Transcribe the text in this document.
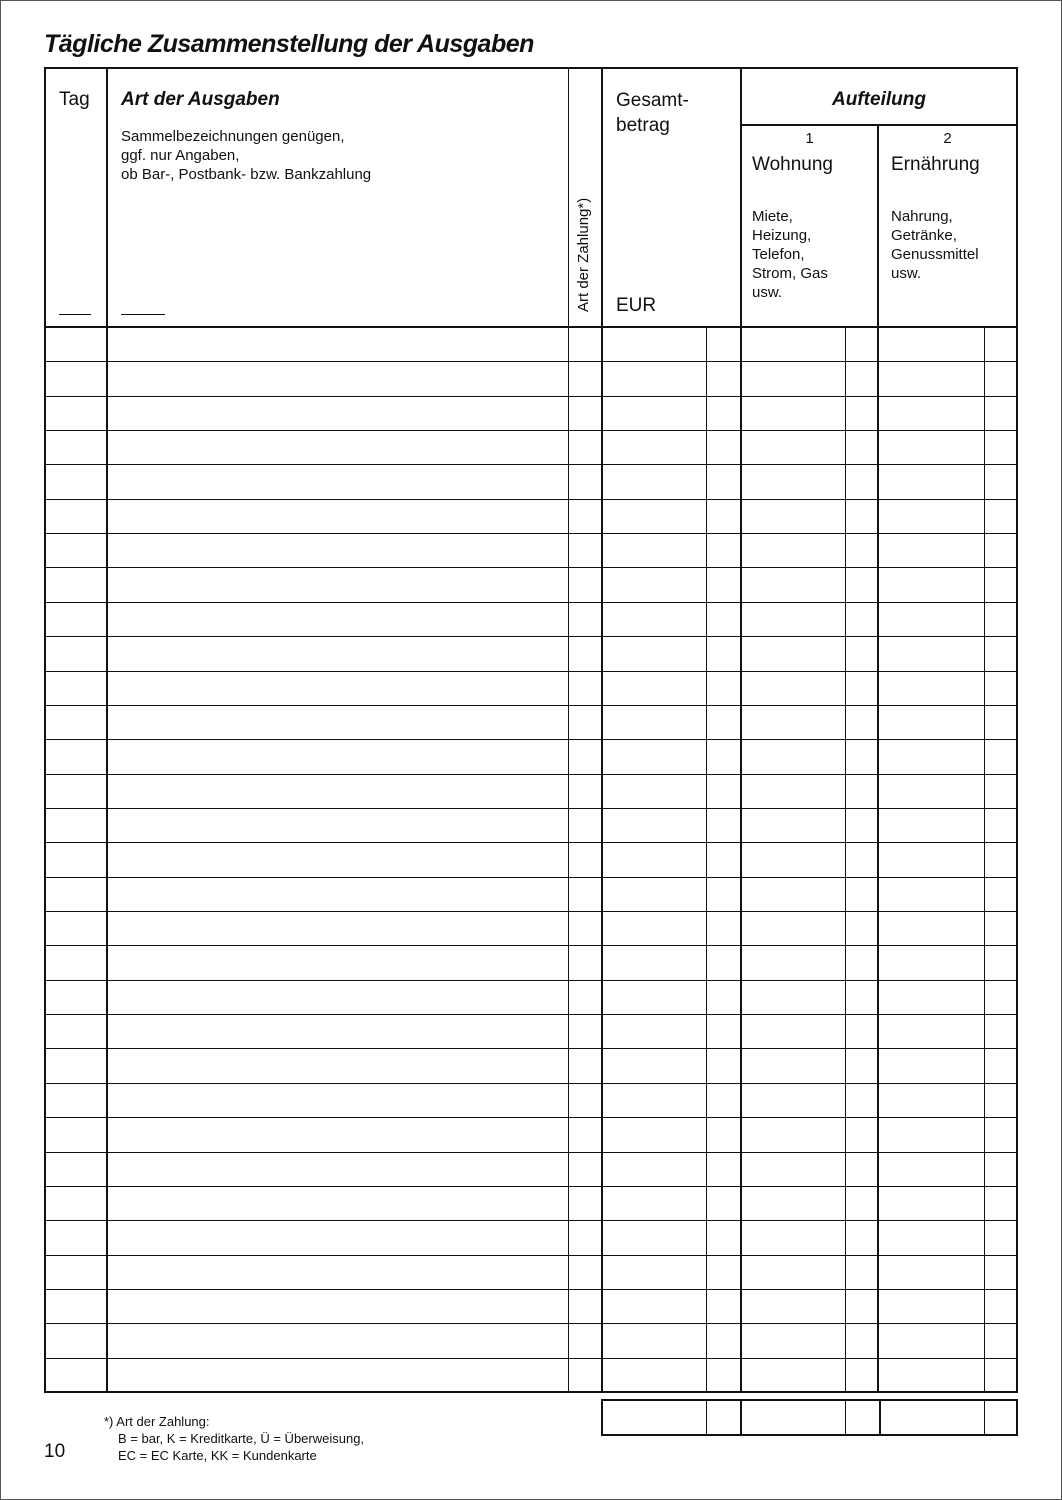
Tägliche Zusammenstellung der Ausgaben
Tag Art der Ausgaben
Sammelbezeichnungen genügen,
ggf. nur Angaben,
ob Bar-, Postbank- bzw. Bankzahlung
Art der Zahlung*)
Gesamt-
betrag
EUR
Aufteilung
1
Wohnung
Miete,
Heizung,
Telefon,
Strom, Gas
usw.
2
Ernährung
Nahrung,
Getränke,
Genussmittel
usw.
*) Art der Zahlung:
B = bar, K = Kreditkarte, Ü = Überweisung,
EC = EC Karte, KK = Kundenkarte
10
